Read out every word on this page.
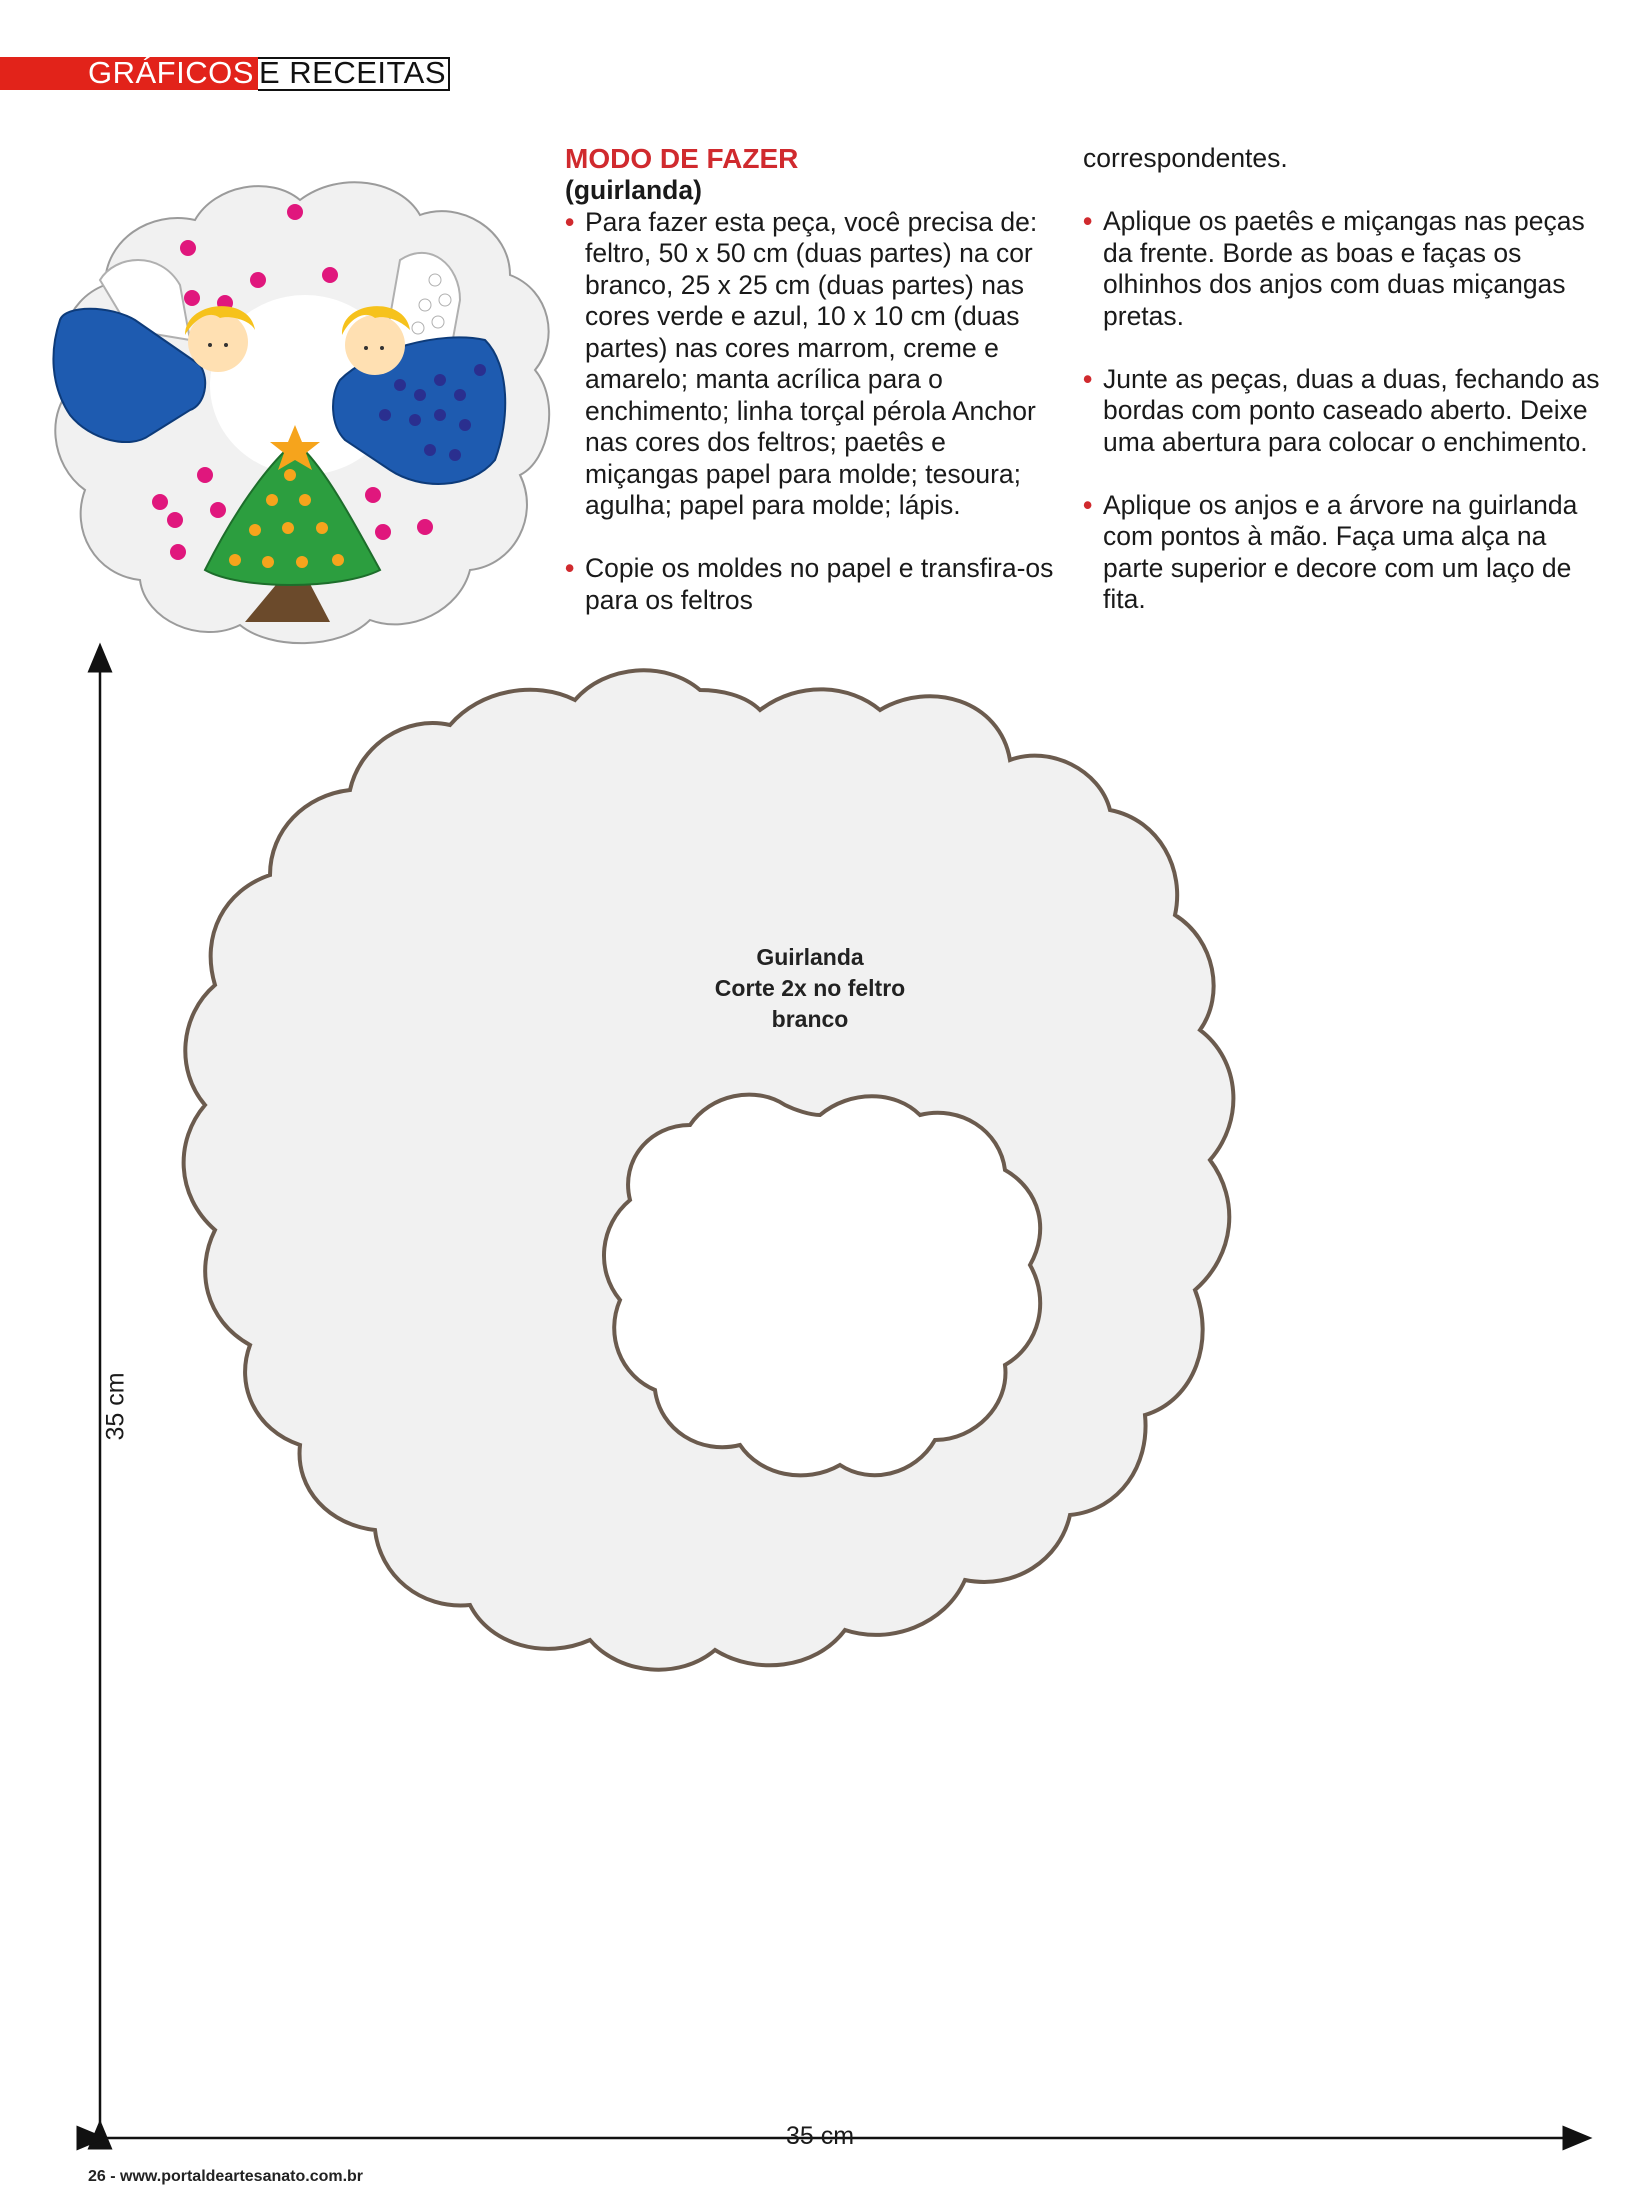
GRÁFICOS E RECEITAS
MODO DE FAZER
(guirlanda)
• Para fazer esta peça, você precisa de: feltro, 50 x 50 cm (duas partes) na cor branco, 25 x 25 cm (duas partes) nas cores verde e azul, 10 x 10 cm (duas partes) nas cores marrom, creme e amarelo; manta acrílica para o enchimento; linha torçal pérola Anchor nas cores dos feltros; paetês e miçangas papel para molde; tesoura; agulha; papel para molde; lápis.
• Copie os moldes no papel e transfira-os para os feltros
correspondentes.
• Aplique os paetês e miçangas nas peças da frente. Borde as boas e faças os olhinhos dos anjos com duas miçangas pretas.
• Junte as peças, duas a duas, fechando as bordas com ponto caseado aberto. Deixe uma abertura para colocar o enchimento.
• Aplique os anjos e a árvore na guirlanda com pontos à mão. Faça uma alça na parte superior e decore com um laço de fita.
Guirlanda
Corte 2x no feltro
branco
35 cm
35 cm
26 - www.portaldeartesanato.com.br
